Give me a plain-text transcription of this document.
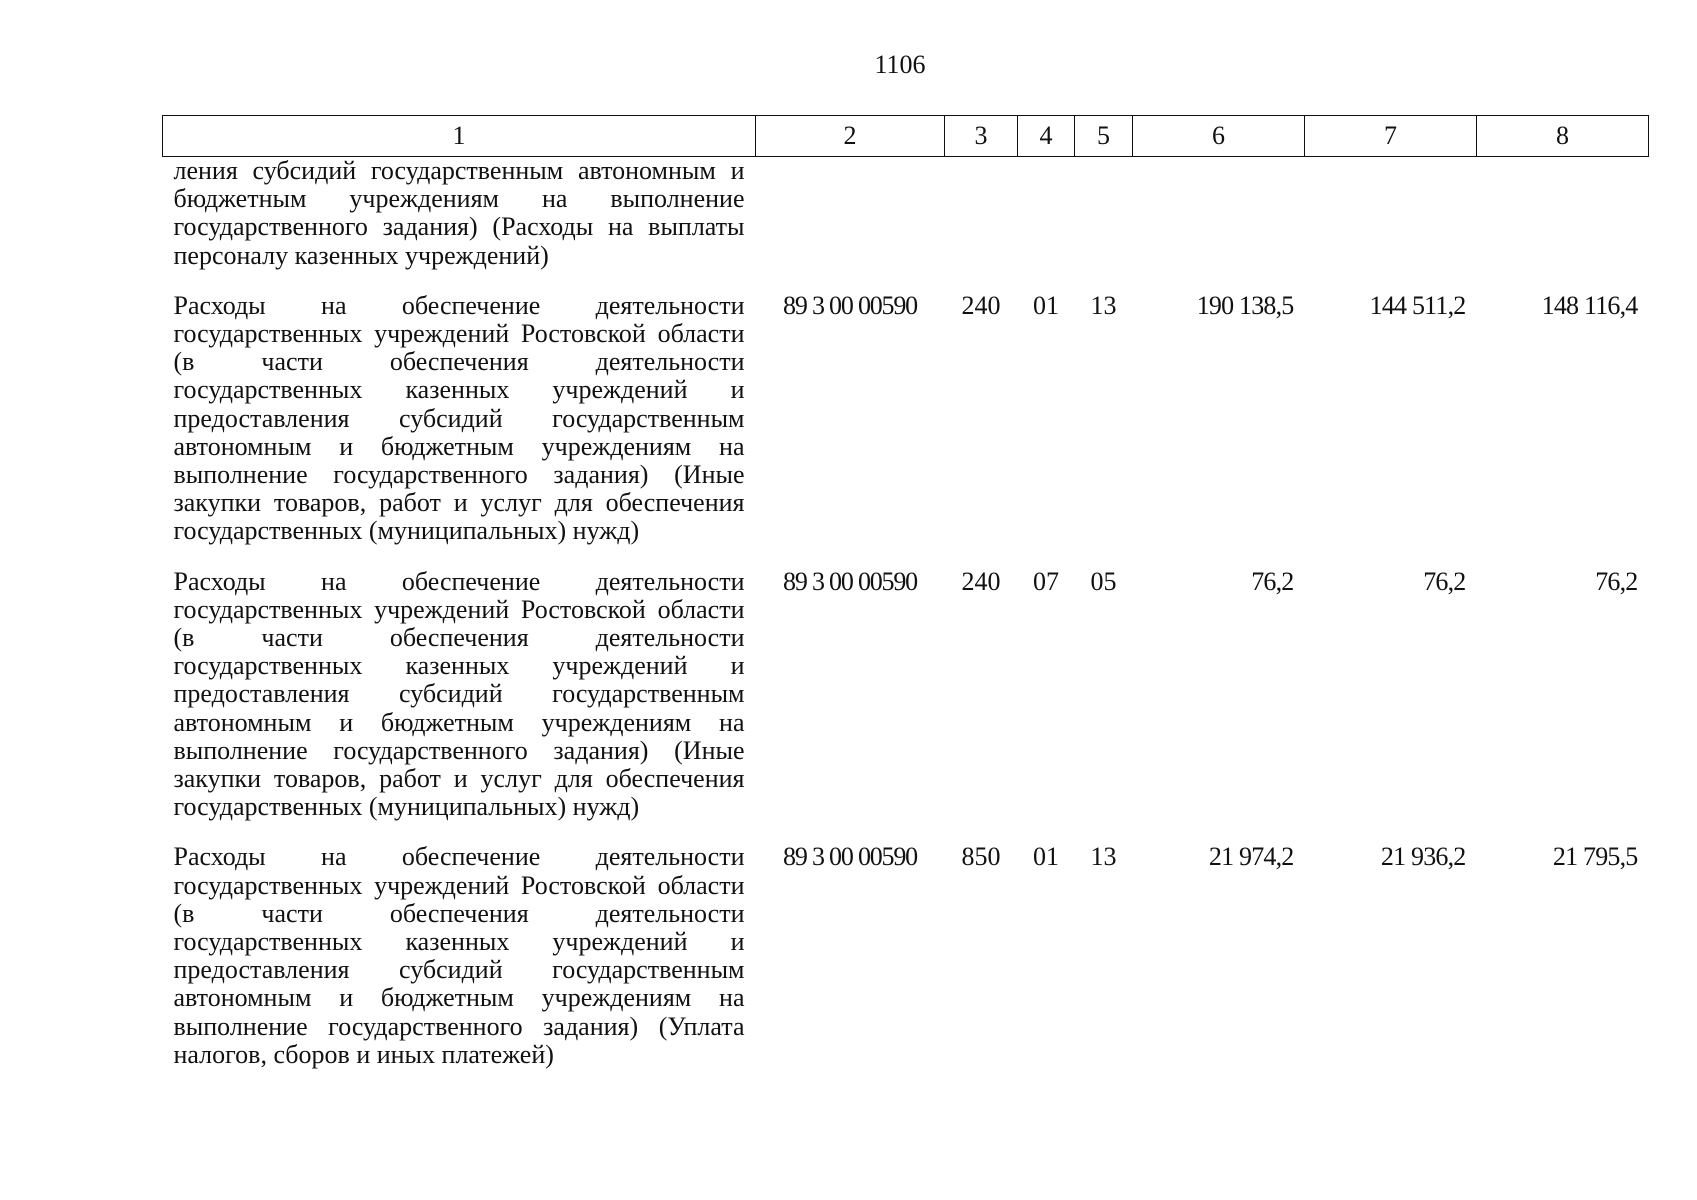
1106
1	2	3	4	5	6	7	8
ления субсидий государственным автономным и бюджетным учреждениям на выполнение государственного задания) (Расходы на выплаты персоналу казенных учреждений)							
Расходы на обеспечение деятельности государственных учреждений Ростовской области (в части обеспечения деятельности государственных казенных учреждений и предоставления субсидий государственным автономным и бюджетным учреждениям на выполнение государственного задания) (Иные закупки товаров, работ и услуг для обеспечения государственных (муниципальных) нужд)	89 3 00 00590	240	01	13	190 138,5	144 511,2	148 116,4
Расходы на обеспечение деятельности государственных учреждений Ростовской области (в части обеспечения деятельности государственных казенных учреждений и предоставления субсидий государственным автономным и бюджетным учреждениям на выполнение государственного задания) (Иные закупки товаров, работ и услуг для обеспечения государственных (муниципальных) нужд)	89 3 00 00590	240	07	05	76,2	76,2	76,2
Расходы на обеспечение деятельности государственных учреждений Ростовской области (в части обеспечения деятельности государственных казенных учреждений и предоставления субсидий государственным автономным и бюджетным учреждениям на выполнение государственного задания) (Уплата налогов, сборов и иных платежей)	89 3 00 00590	850	01	13	21 974,2	21 936,2	21 795,5
